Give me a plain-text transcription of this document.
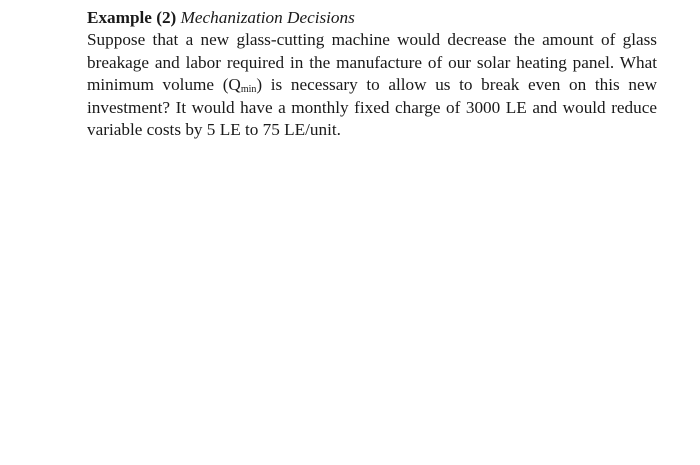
Example (2) Mechanization Decisions
Suppose that a new glass-cutting machine would decrease the amount of glass
breakage and labor required in the manufacture of our solar heating panel. What
minimum volume $(Q_{min})$ is necessary to allow us to break even on this new
investment? It would have a monthly fixed charge of 3000 LE and would reduce
variable costs by 5 LE to 75 LE/unit.
